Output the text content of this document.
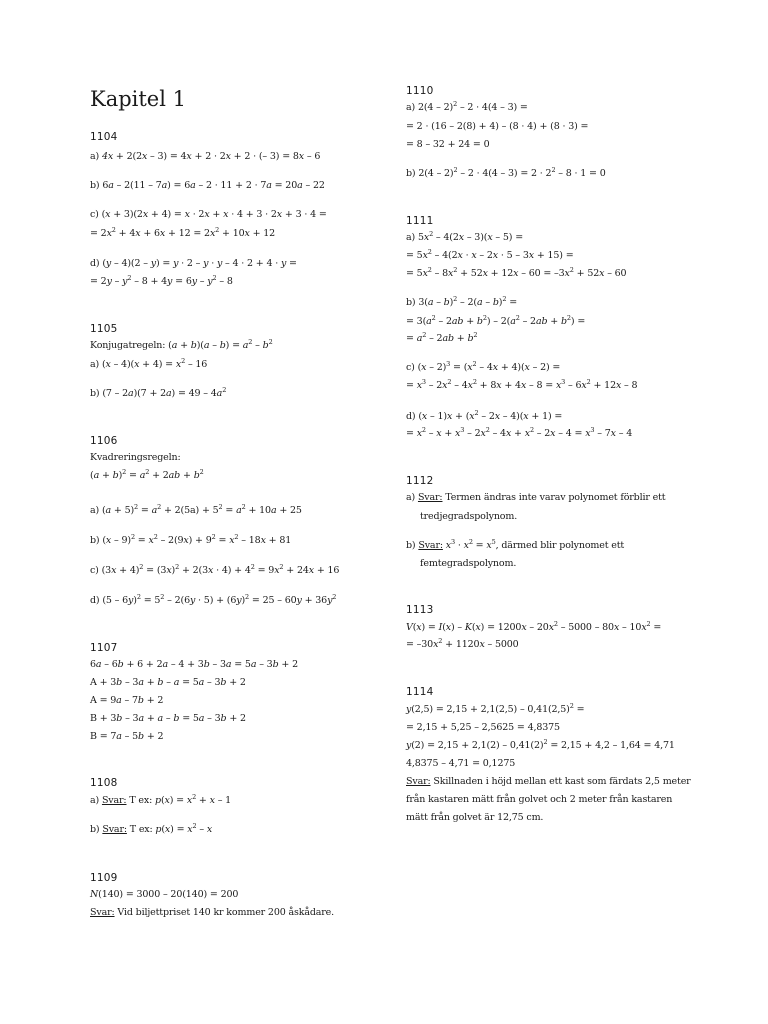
Kapitel 1
1104
a) 4x + 2(2x – 3) = 4x + 2 · 2x + 2 · (– 3) = 8x – 6
b) 6a – 2(11 – 7a) = 6a – 2 · 11 + 2 · 7a = 20a – 22
c) (x + 3)(2x + 4) = x · 2x + x · 4 + 3 · 2x + 3 · 4 =
= $2x^2 + 4x + 6x + 12 = 2x^2 + 10x + 12$
d) (y – 4)(2 – y) = y · 2 – y · y – 4 · 2 + 4 · y =
= $2y - y^2 - 8 + 4y = 6y - y^2 - 8$
1105
Konjugatregeln: $(a + b)(a - b) = a^2 - b^2$
a) $(x - 4)(x + 4) = x^2 - 16$
b) $(7 - 2a)(7 + 2a) = 49 - 4a^2$
1106
Kvadreringsregeln:
$(a + b)^2 = a^2 + 2ab + b^2$
a) $(a + 5)^2 = a^2 + 2(5a) + 5^2 = a^2 + 10a + 25$
b) $(x - 9)^2 = x^2 - 2(9x) + 9^2 = x^2 - 18x + 81$
c) $(3x + 4)^2 = (3x)^2 + 2(3x \cdot 4) + 4^2 = 9x^2 + 24x + 16$
d) $(5 - 6y)^2 = 5^2 - 2(6y \cdot 5) + (6y)^2 = 25 - 60y + 36y^2$
1107
6a – 6b + 6 + 2a – 4 + 3b – 3a = 5a – 3b + 2
A + 3b – 3a + b – a = 5a – 3b + 2
A = 9a – 7b + 2
B + 3b – 3a + a – b = 5a – 3b + 2
B = 7a – 5b + 2
1108
a) Svar: T ex: $p(x) = x^2 + x - 1$
b) Svar: T ex: $p(x) = x^2 - x$
1109
N(140) = 3000 – 20(140) = 200
Svar: Vid biljettpriset 140 kr kommer 200 åskådare.
1110
a) 2(4 – 2)$^2$ – 2 · 4(4 – 3) =
= 2 · (16 – 2(8) + 4) – (8 · 4) + (8 · 3) =
= 8 – 32 + 24 = 0
b) $2(4 - 2)^2 - 2 \cdot 4(4 - 3) = 2 \cdot 2^2 - 8 \cdot 1 = 0$
1111
a) $5x^2 - 4(2x - 3)(x - 5)$ =
= $5x^2 - 4(2x \cdot x - 2x \cdot 5 - 3x + 15)$ =
= $5x^2 - 8x^2 + 52x + 12x - 60 = -3x^2 + 52x - 60$
b) 3(a – b)$^2$ – 2(a – b)$^2$ =
= $3(a^2 - 2ab + b^2) - 2(a^2 - 2ab + b^2)$ =
= $a^2 - 2ab + b^2$
c) $(x - 2)^3 = (x^2 - 4x + 4)(x - 2)$ =
= $x^3 - 2x^2 - 4x^2 + 8x + 4x - 8 = x^3 - 6x^2 + 12x - 8$
d) $(x - 1)x + (x^2 - 2x - 4)(x + 1)$ =
= $x^2 - x + x^3 - 2x^2 - 4x + x^2 - 2x - 4 = x^3 - 7x - 4$
1112
a) Svar: Termen ändras inte varav polynomet förblir ett
tredjegradspolynom.
b) Svar: $x^3 \cdot x^2 = x^5$, därmed blir polynomet ett
femtegradspolynom.
1113
$V(x) = I(x) - K(x) = 1200x - 20x^2 - 5000 - 80x - 10x^2$ =
= $-30x^2 + 1120x - 5000$
1114
$y(2,5) = 2,15 + 2,1(2,5) - 0,41(2,5)^2$ =
= 2,15 + 5,25 – 2,5625 = 4,8375
$y(2) = 2,15 + 2,1(2) - 0,41(2)^2 = 2,15 + 4,2 - 1,64 = 4,71$
4,8375 – 4,71 = 0,1275
Svar: Skillnaden i höjd mellan ett kast som färdats 2,5 meter
från kastaren mätt från golvet och 2 meter från kastaren
mätt från golvet är 12,75 cm.
